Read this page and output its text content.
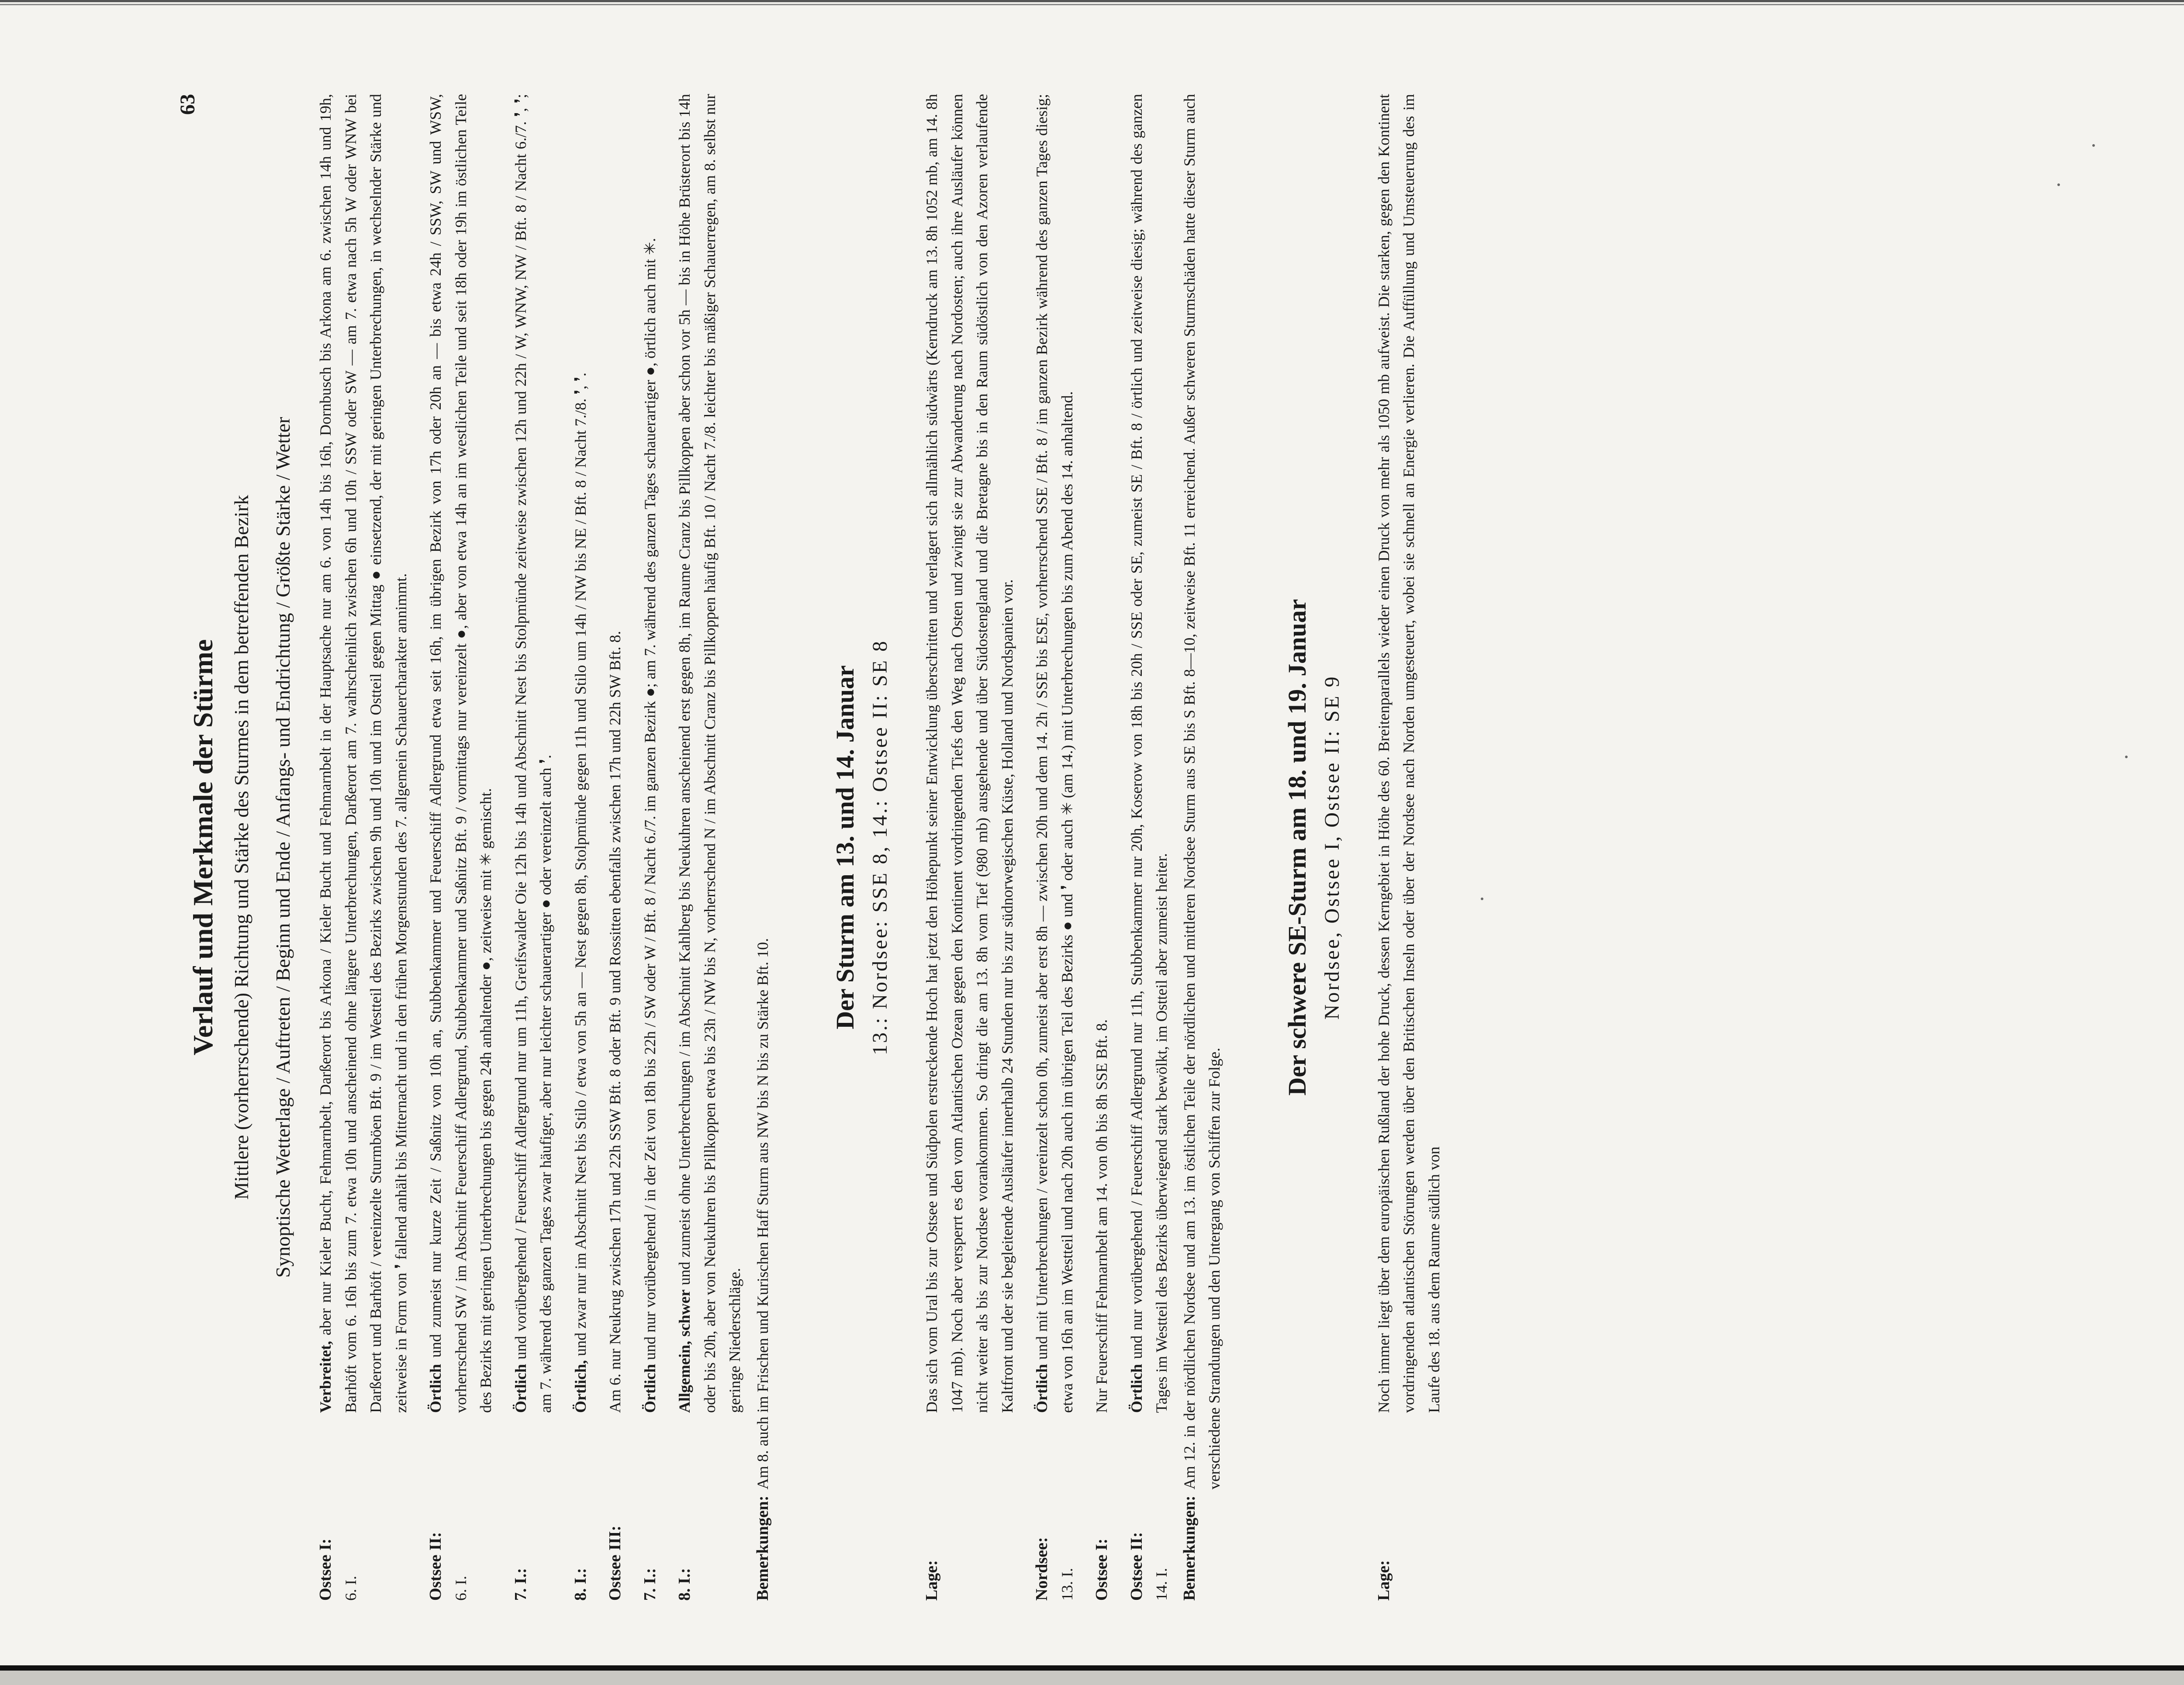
63
Verlauf und Merkmale der Stürme Mittlere (vorherrschende) Richtung und Stärke des Sturmes in dem betreffenden Bezirk Synoptische Wetterlage / Auftreten / Beginn und Ende / Anfangs- und Endrichtung / Größte Stärke / Wetter
Ostsee I: 6. I.
Verbreitet, aber nur Kieler Bucht, Fehmarnbelt, Darßerort bis Arkona / Kieler Bucht und Fehmarnbelt in der Hauptsache nur am 6. von 14h bis 16h, Dornbusch bis Arkona am 6. zwischen 14h und 19h, Barhöft vom 6. 16h bis zum 7. etwa 10h und anscheinend ohne längere Unterbrechungen, Darßerort am 7. wahrscheinlich zwischen 6h und 10h / SSW oder SW — am 7. etwa nach 5h W oder WNW bei Darßerort und Barhöft / vereinzelte Sturmböen Bft. 9 / im Westteil des Bezirks zwischen 9h und 10h und im Ostteil gegen Mittag ● einsetzend, der mit geringen Unterbrechungen, in wechselnder Stärke und zeitweise in Form von ❜ fallend anhält bis Mitternacht und in den frühen Morgenstunden des 7. allgemein Schauercharakter annimmt.
Ostsee II: 6. I.
Örtlich und zumeist nur kurze Zeit / Saßnitz von 10h an, Stubbenkammer und Feuerschiff Adlergrund etwa seit 16h, im übrigen Bezirk von 17h oder 20h an — bis etwa 24h / SSW, SW und WSW, vorherrschend SW / im Abschnitt Feuerschiff Adlergrund, Stubbenkammer und Saßnitz Bft. 9 / vormittags nur vereinzelt ●, aber von etwa 14h an im westlichen Teile und seit 18h oder 19h im östlichen Teile des Bezirks mit geringen Unterbrechungen bis gegen 24h anhaltender ●, zeitweise mit ✳ gemischt.
7. I.:
Örtlich und vorübergehend / Feuerschiff Adlergrund nur um 11h, Greifswalder Oie 12h bis 14h und Abschnitt Nest bis Stolpmünde zeitweise zwischen 12h und 22h / W, WNW, NW / Bft. 8 / Nacht 6./7. ❜, ❜; am 7. während des ganzen Tages zwar häufiger, aber nur leichter schauerartiger ● oder vereinzelt auch ❜.
8. I.:
Örtlich, und zwar nur im Abschnitt Nest bis Stilo / etwa von 5h an — Nest gegen 8h, Stolpmünde gegen 11h und Stilo um 14h / NW bis NE / Bft. 8 / Nacht 7./8. ❜, ❜.
Ostsee III:
Am 6. nur Neukrug zwischen 17h und 22h SSW Bft. 8 oder Bft. 9 und Rossitten ebenfalls zwischen 17h und 22h SW Bft. 8.
7. I.:
Örtlich und nur vorübergehend / in der Zeit von 18h bis 22h / SW oder W / Bft. 8 / Nacht 6./7. im ganzen Bezirk ●; am 7. während des ganzen Tages schauerartiger ●, örtlich auch mit ✳.
8. I.:
Allgemein, schwer und zumeist ohne Unterbrechungen / im Abschnitt Kahlberg bis Neukuhren anscheinend erst gegen 8h, im Raume Cranz bis Pillkoppen aber schon vor 5h — bis in Höhe Brüsterort bis 14h oder bis 20h, aber von Neukuhren bis Pillkoppen etwa bis 23h / NW bis N, vorherrschend N / im Abschnitt Cranz bis Pillkoppen häufig Bft. 10 / Nacht 7./8. leichter bis mäßiger Schauerregen, am 8. selbst nur geringe Niederschläge.
Bemerkungen:
Am 8. auch im Frischen und Kurischen Haff Sturm aus NW bis N bis zu Stärke Bft. 10.
Der Sturm am 13. und 14. Januar 13.: Nordsee: SSE 8, 14.: Ostsee II: SE 8
Lage:
Das sich vom Ural bis zur Ostsee und Südpolen erstreckende Hoch hat jetzt den Höhepunkt seiner Entwicklung überschritten und verlagert sich allmählich südwärts (Kerndruck am 13. 8h 1052 mb, am 14. 8h 1047 mb). Noch aber versperrt es den vom Atlantischen Ozean gegen den Kontinent vordringenden Tiefs den Weg nach Osten und zwingt sie zur Abwanderung nach Nordosten; auch ihre Ausläufer können nicht weiter als bis zur Nordsee vorankommen. So dringt die am 13. 8h vom Tief (980 mb) ausgehende und über Südostengland und die Bretagne bis in den Raum südöstlich von den Azoren verlaufende Kaltfront und der sie begleitende Ausläufer innerhalb 24 Stunden nur bis zur südnorwegischen Küste, Holland und Nordspanien vor.
Nordsee: 13. I.
Örtlich und mit Unterbrechungen / vereinzelt schon 0h, zumeist aber erst 8h — zwischen 20h und dem 14. 2h / SSE bis ESE, vorherrschend SSE / Bft. 8 / im ganzen Bezirk während des ganzen Tages diesig; etwa von 16h an im Westteil und nach 20h auch im übrigen Teil des Bezirks ● und ❜ oder auch ✳ (am 14.) mit Unterbrechungen bis zum Abend des 14. anhaltend.
Ostsee I:
Nur Feuerschiff Fehmarnbelt am 14. von 0h bis 8h SSE Bft. 8.
Ostsee II: 14. I.
Örtlich und nur vorübergehend / Feuerschiff Adlergrund nur 11h, Stubbenkammer nur 20h, Koserow von 18h bis 20h / SSE oder SE, zumeist SE / Bft. 8 / örtlich und zeitweise diesig; während des ganzen Tages im Westteil des Bezirks überwiegend stark bewölkt, im Ostteil aber zumeist heiter.
Bemerkungen:
Am 12. in der nördlichen Nordsee und am 13. im östlichen Teile der nördlichen und mittleren Nordsee Sturm aus SE bis S Bft. 8—10, zeitweise Bft. 11 erreichend. Außer schweren Sturmschäden hatte dieser Sturm auch verschiedene Strandungen und den Untergang von Schiffen zur Folge.
Der schwere SE-Sturm am 18. und 19. Januar Nordsee, Ostsee I, Ostsee II: SE 9
Lage:
Noch immer liegt über dem europäischen Rußland der hohe Druck, dessen Kerngebiet in Höhe des 60. Breitenparallels wieder einen Druck von mehr als 1050 mb aufweist. Die starken, gegen den Kontinent vordringenden atlantischen Störungen werden über den Britischen Inseln oder über der Nordsee nach Norden umgesteuert, wobei sie schnell an Energie verlieren. Die Auffüllung und Umsteuerung des im Laufe des 18. aus dem Raume südlich von
